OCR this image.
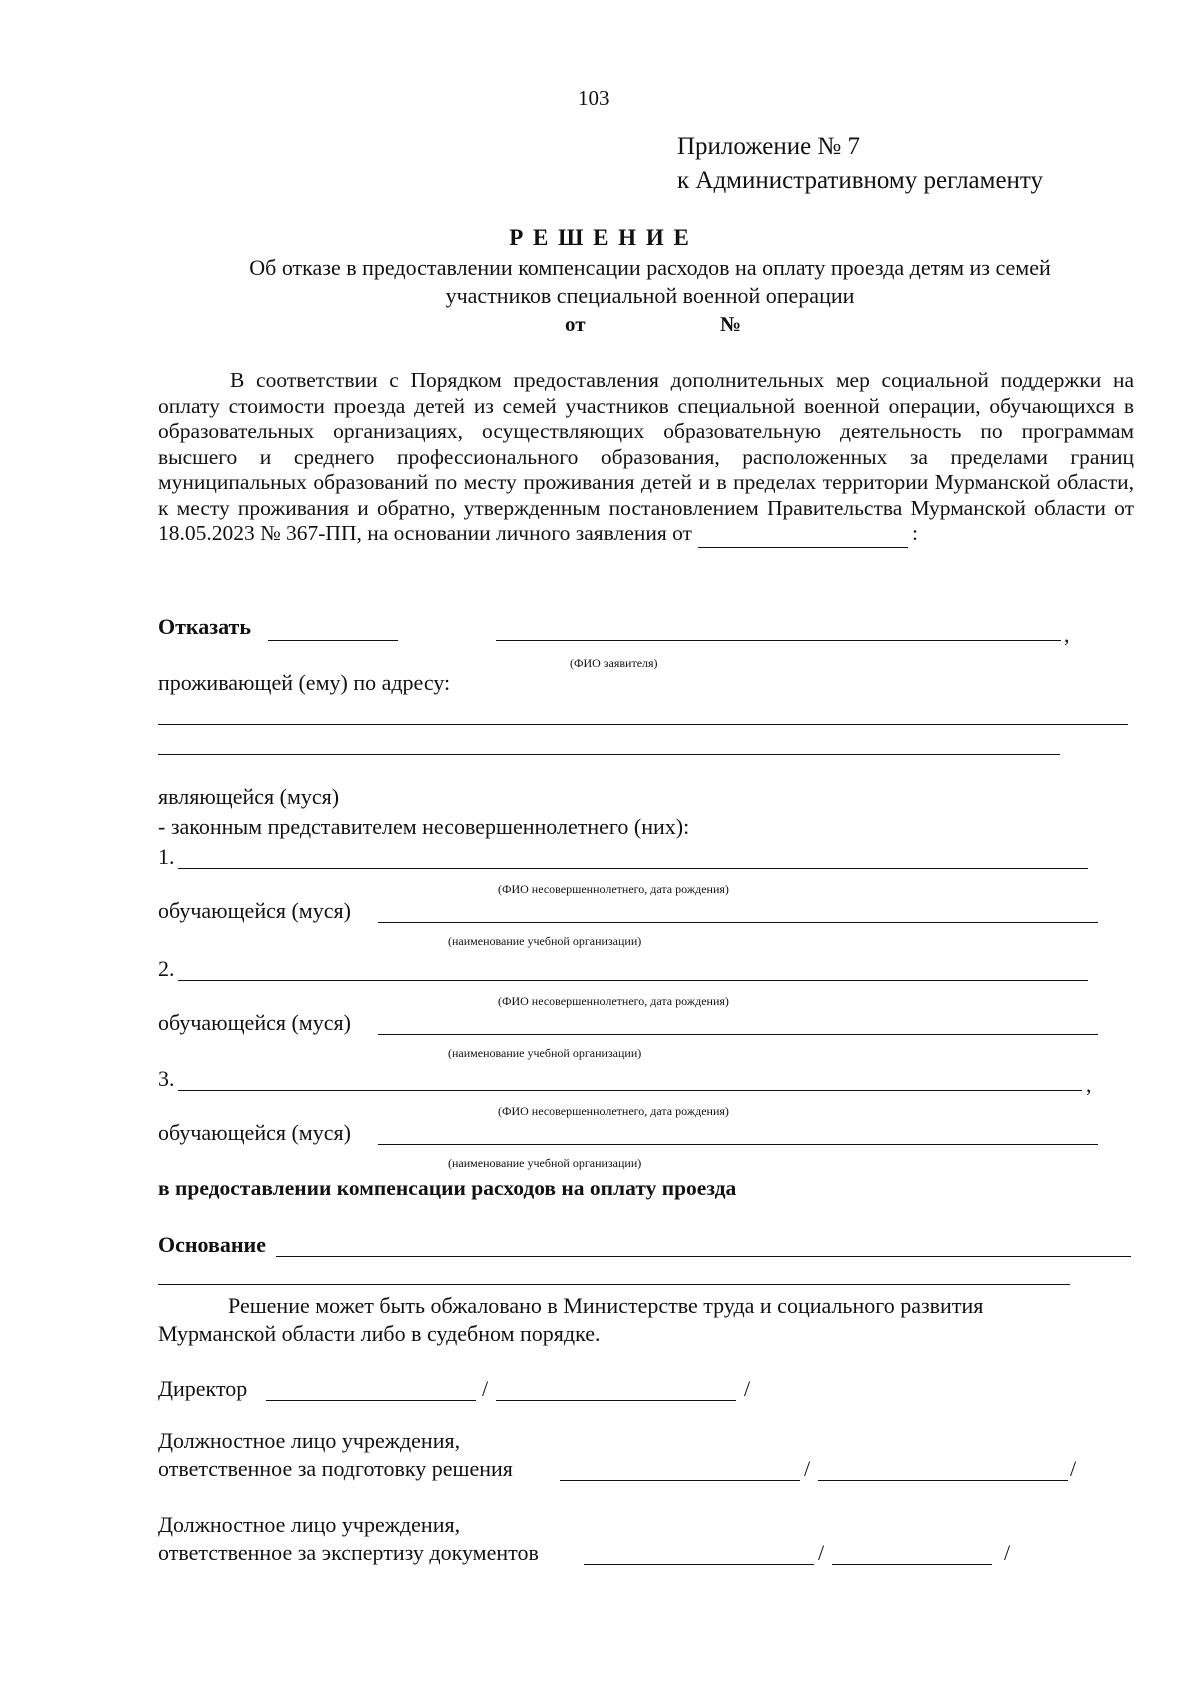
103
Приложение № 7
к Административному регламенту
Р Е Ш Е Н И Е
Об отказе в предоставлении компенсации расходов на оплату проезда детям из семей участников специальной военной операции
от	№
В соответствии с Порядком предоставления дополнительных мер социальной поддержки на оплату стоимости проезда детей из семей участников специальной военной операции, обучающихся в образовательных организациях, осуществляющих образовательную деятельность по программам высшего и среднего профессионального образования, расположенных за пределами границ муниципальных образований по месту проживания детей и в пределах территории Мурманской области, к месту проживания и обратно, утвержденным постановлением Правительства Мурманской области от 18.05.2023 № 367-ПП, на основании личного заявления от	:
Отказать	,
(ФИО заявителя)
проживающей (ему) по адресу:
являющейся (муся)
- законным представителем несовершеннолетнего (них):
1.
(ФИО несовершеннолетнего, дата рождения)
обучающейся (муся)
(наименование учебной организации)
2.
(ФИО несовершеннолетнего, дата рождения)
обучающейся (муся)
(наименование учебной организации)
3.	,
(ФИО несовершеннолетнего, дата рождения)
обучающейся (муся)
(наименование учебной организации)
в предоставлении компенсации расходов на оплату проезда
Основание
Решение может быть обжаловано в Министерстве труда и социального развития Мурманской области либо в судебном порядке.
Директор	/	/
Должностное лицо учреждения,
ответственное за подготовку решения	/	/
Должностное лицо учреждения,
ответственное за экспертизу документов	/	/
